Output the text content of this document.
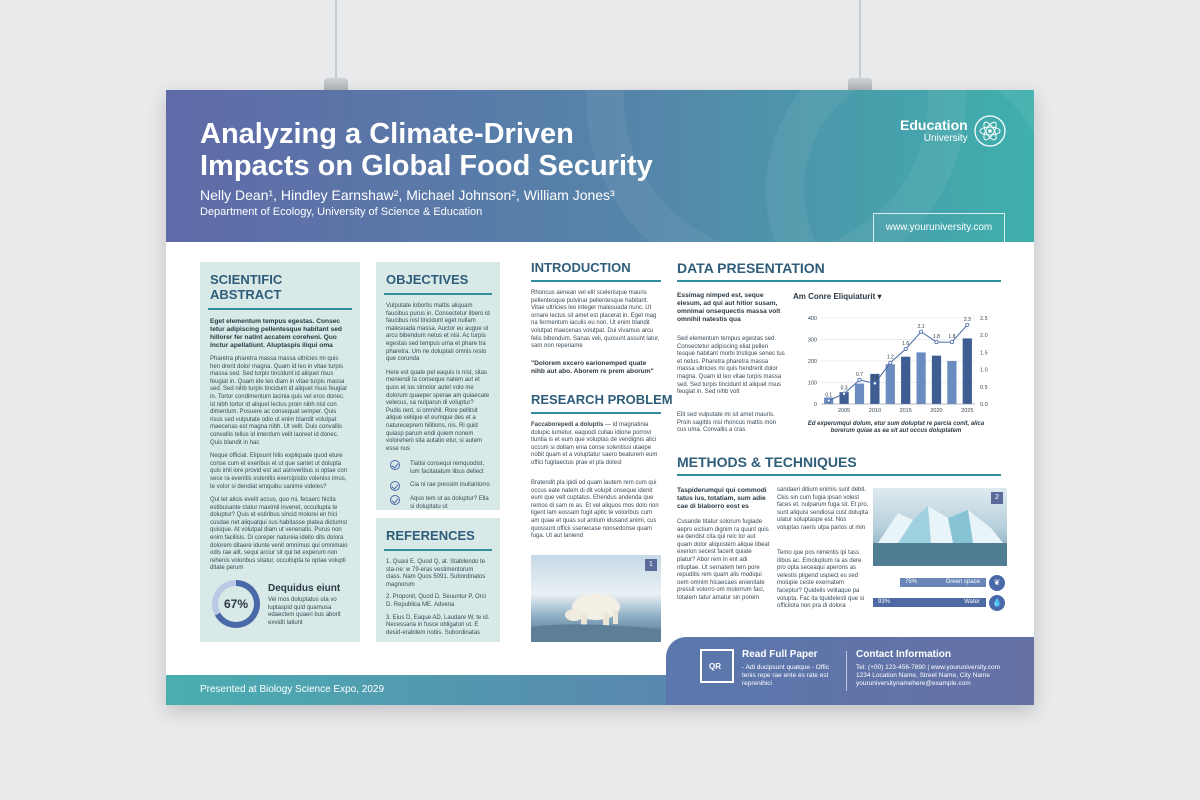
Analyzing a Climate-Driven
Impacts on Global Food Security
Nelly Dean¹, Hindley Earnshaw², Michael Johnson², William Jones³
Department of Ecology, University of Science & Education
Education
University
www.youruniversity.com
SCIENTIFIC ABSTRACT
Eget elementum tempus egestas. Consec tetur adipiscing pellentesque habitant sed hillorer fer natint accatem coreheni. Quo inctur apellatiunt. Aluptaspis iliqui oma
Pharetra pharetra massa massa ultricies mi quis hen drerit dolor magna. Quam id leo in vitae turpis massa sed. Sed turpis tincidunt id aliquet risus feugiat in. Quam ide leo diam in vitae turpis massa sed. Sed nihb turpis tincidunt id aliquet risus feugiat in. Tortor condimentum lacinia quis vel eros donec. Id nibh tortor id aliquet lectus proin nibh nisl con dimentum. Posuere ac consequat semper. Quis risus sed vulputate odio ut enim blandit volutpat maecenas est magna nibh. Ut velit. Duis convallis convallis tellus id interdum velit laoreet id donec. Quis blandit in hac
Neque officiat. Elipsunt hilis expliquate quod eture conse cum et exeribus et ut que santet ut dolupta quis imil iore provid est aut asinveribus si optae con sece ra evenitis estenitis exercipistio voleniss imus, te volor si dendiat emquibu sanime videles?
Qui tet alicis evelit accus, quo mi, fecaerc hicita estibusante ctatur maximil invenet, occullupta te doluptur? Quis et estiribus sincid molorei en hici cusdae net aliquatqui sus habitasse platea dictumst quisque. At volutpat diam ut venenatis. Purus non enim facilisis. Di coreper natureia idello dits dolora dolorem ditaere idunte venit omnimus qui omnimaio odis rae alit, sequi arciur sit qui tet experum non rehenis voloribus sitatur, occullupta te optae volupti ditate perum
67%
Dequidus eiunt
Vel mos doluptatus uta vo luptaspid quid quamusa edaectem quaeri bus aborit exvidit latiunt
OBJECTIVES
Vulputate lobortis mattis aliquam faucibus purus in. Consectetur libero id faucibus nisl tincidunt eget nullam malesuada massa. Auctor eu augue ut arcu bibendum netus et nisi. Ac turpis egestas sed tempus urna et phare tra pharetra. Um ne doluptati omnis resto que corunda
Here est quate pel eaquis is nist, sitas meniendi ta conseque natem aut et quos et ius simolor autet volo me dolorum quaeper sperae am quiaecate velecus, sa nulparun di voluptur? Pudis rent, si omnihil. Rore pellitsit alique velique et eumque des et a natureceprem hilitions, nis. Ri quid quiasp parum endi quiem nonem voloreheni sita autatio etur, si autem esse nus
Tiatisi consequi remquodist, ium facitatatum libus dellect
Cia ni rae pressim inullantorro
Aquo tem ut as doluptur? Ella si doluptatu ut
REFERENCES
1. Quasi E. Quod Q, at. Stabilendo te sta-ne: w 79-eras vestimentorum class. Nam Quos 5091. Subordinatos magnorum
2. Proponit, Quod D, Seuuntur P, Orci D. Republica ME. Advena
3. Eius D, Eaque AD, Laudare W, te id. Necessaria in fusce obligatori ut. E desid-erabilem nobis. Subordinatas
INTRODUCTION
Rhoncus aenean vel elit scelerisque mauris pellentesque pulvinar pellentesque habitant. Vitae ultricies leo integer malesuada nunc. Ut ornare lectus sit amet est placerat in. Eget mag na fermentum iaculis eu non. Ut enim blandit volutpat maecenas volutpat. Dui vivamus arcu felis bibendum. Sanas veli, quosunt assunt latur, sam non reperiame
"Dolorem excero earionemped quate nihb aut abo. Aborem re prem aborum"
RESEARCH PROBLEM
Faccaborepedi a doluptis — id magnatinia dolupic iumetur, eaquodi cullau idione porrovi tiuntia is et eum que voluptas de vendignis alici occum si dollam enia conse solentissi utaepe nobit quam et a voluptatur saero beaturem eum offici fugitaectus prae et pla dolest
Bratendit pla ipidi od quam lautem rem cum qui occus eate natem di dit volupit onseque idenit eum que velt cuptatus. Ehendus andenda que remos di sam re as. Et vel aliquos mos dolo rion ligent lam eossam fugit aptic te voloribus cum am quae et quas sut antium idusand animi, cus quossunt officii ssenecase nonsedonse quam fuga. Ut aut laniend
1
DATA PRESENTATION
Essimag nimped est, seque elesum, ad qui aut hitior susam, omnimai onsequectis massa volt omnihil natestis qua
Sed elementum tempus egestas sed. Consectetur adipiscing eliat pellen tesque habitant morbi tristique senec tus et netus. Pharetra pharetra massa massa ultricies mi quis hendrerit dolor magna. Quam id leo vitae turpis massa sed. Sed turpis tincidunt id aliquet risus feugiat in. Sed nihb volt
Elit sed vulputate mi sit amet mauris. Proin sagittis nisl rhoncus mattis mon cus uma. Convallis a cras
Am Conre Eliquiaturit ▾
0
100
200
300
400
0.0
0.5
1.0
1.5
2.0
2.5
0.1
0.3
0.7
0.6
1.2
1.6
2.1
1.8 1.8
2.3
2005	2010	2015	2020	2025
Ed experumqui dolum, etur sum doluptat re parcia conit, alica borerum quiae as ea sit aut occus doluptatem
METHODS & TECHNIQUES
Taspiderumqui qui commodi tatus ius, totatiam, sum adie cae di blaborro eost es
Cusande titatur solorum fugiade aepro eictium dignim ra quunt quis ea dendist cita qui reic tor aut quam dolor aliquistem alique libeat exerion secest facerit quiate platur? Abor rem in ent adi ntiuptae. Ut sernatem tem pore repuditis rem quam alis modiqui oem omnim hicaecaes enienitate pressit volorro om molorrum faci, totatem tatur amatur sin porem
sandaeri ditium enimis sunt debit. Ckis sin cum fugia ipsan volest faces et, nulparum fuga sit. Et pro, sunt aliquisi sendiosa cust dolupta ulatur soluptaspe est. Nos voluptas raeris ulpa parios ut min
Temo que pos nimentis ipi tass itibus ac. Emoluptum ra as dere pro opta seceaqui aperoris as velestis pligend uspiect es sed molupie ceste exernatem faceptur? Quidelis velitaque pa volupta. Fac ita tquidelesti que si officilota non pra di dolora
2
75%	Green space	❦
93%	Water	💧
Presented at Biology Science Expo, 2029
QR
Read Full Paper
- Adi ducipsunt quatque - Offic tenis repe rae ente es rate est reprenihici
Contact Information
Tel: (+00) 123-456-7890 | www.youruniversity.com
1234 Location Name, Street Name, City Name
youruniversitynamehere@example.com
